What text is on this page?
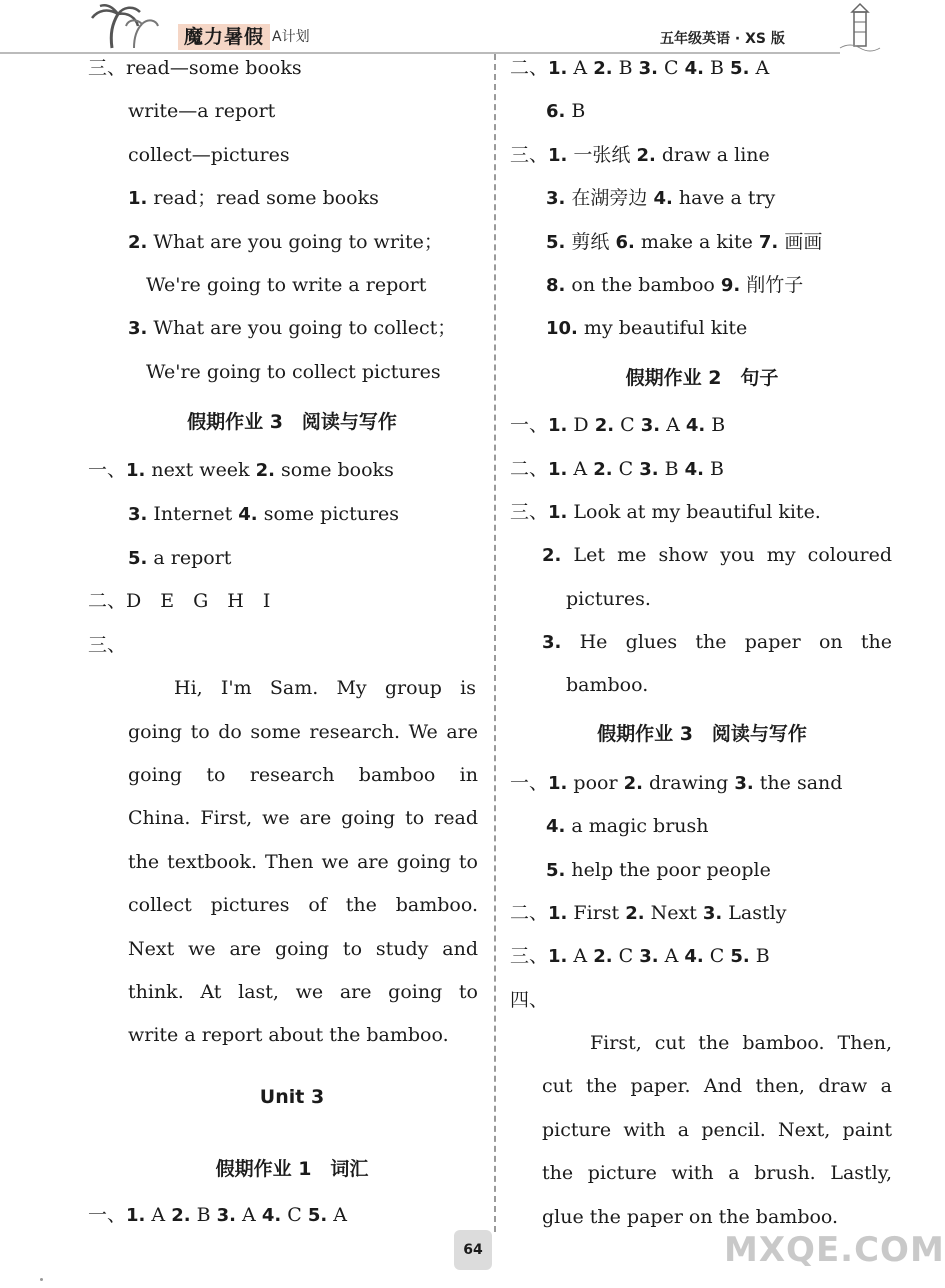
魔力暑假 A计划	五年级英语 · XS 版
三、read—some books
write—a report
collect—pictures
1. read；read some books
2. What are you going to write；
We're going to write a report
3. What are you going to collect；
We're going to collect pictures
假期作业 3　阅读与写作
一、1. next week 2. some books
3. Internet 4. some pictures
5. a report
二、D　E　G　H　I
三、
Hi, I'm Sam. My group is
going to do some research. We are
going to research bamboo in
China. First, we are going to read
the textbook. Then we are going to
collect pictures of the bamboo.
Next we are going to study and
think. At last, we are going to
write a report about the bamboo.
Unit 3
假期作业 1　词汇
一、1. A 2. B 3. A 4. C 5. A
二、1. A 2. B 3. C 4. B 5. A
6. B
三、1. 一张纸 2. draw a line
3. 在湖旁边 4. have a try
5. 剪纸 6. make a kite 7. 画画
8. on the bamboo 9. 削竹子
10. my beautiful kite
假期作业 2　句子
一、1. D 2. C 3. A 4. B
二、1. A 2. C 3. B 4. B
三、1. Look at my beautiful kite.
2. Let me show you my coloured
pictures.
3. He glues the paper on the
bamboo.
假期作业 3　阅读与写作
一、1. poor 2. drawing 3. the sand
4. a magic brush
5. help the poor people
二、1. First 2. Next 3. Lastly
三、1. A 2. C 3. A 4. C 5. B
四、
First, cut the bamboo. Then,
cut the paper. And then, draw a
picture with a pencil. Next, paint
the picture with a brush. Lastly,
glue the paper on the bamboo.
64	MXQE.COM
